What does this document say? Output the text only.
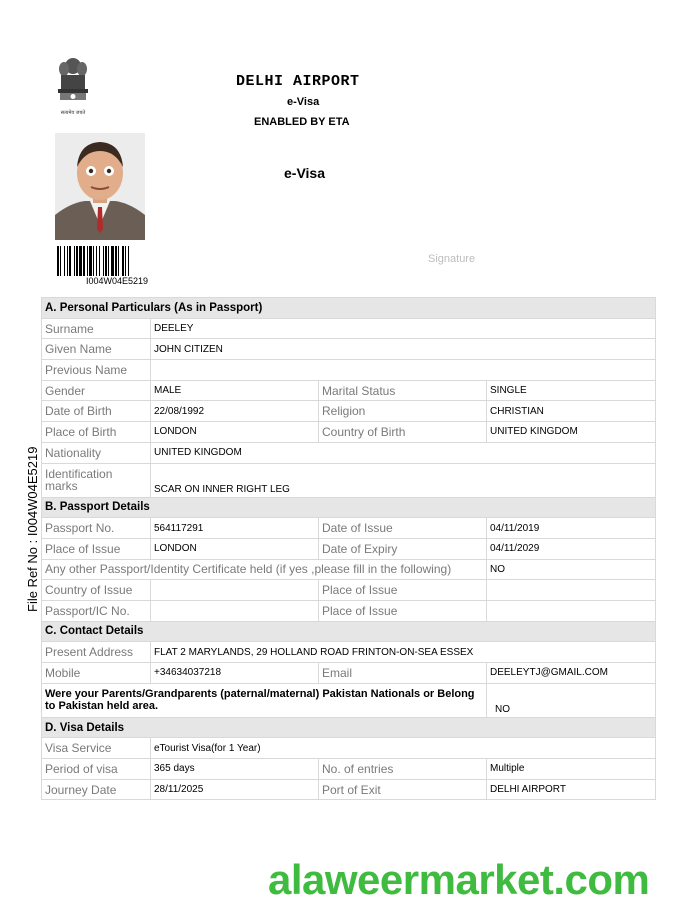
सत्यमेव जयते
DELHI AIRPORT
e-Visa
ENABLED BY ETA
e-Visa
I004W04E5219
Signature
File Ref No : I004W04E5219
A. Personal Particulars (As in Passport)			
Surname	DEELEY		
Given Name	JOHN CITIZEN		
Previous Name			
Gender	MALE	Marital Status	SINGLE
Date of Birth	22/08/1992	Religion	CHRISTIAN
Place of Birth	LONDON	Country of Birth	UNITED KINGDOM
Nationality	UNITED KINGDOM		
Identification marks	SCAR ON INNER RIGHT LEG		
B. Passport Details			
Passport No.	564117291	Date of Issue	04/11/2019
Place of Issue	LONDON	Date of Expiry	04/11/2029
Any other Passport/Identity Certificate held (if yes ,please fill in the following)			NO
Country of Issue		Place of Issue	
Passport/IC No.		Place of Issue	
C. Contact Details			
Present Address	FLAT 2 MARYLANDS, 29 HOLLAND ROAD FRINTON-ON-SEA ESSEX		
Mobile	+34634037218	Email	DEELEYTJ@GMAIL.COM
Were your Parents/Grandparents (paternal/maternal) Pakistan Nationals or Belong to Pakistan held area.			NO
D. Visa Details			
Visa Service	eTourist Visa(for 1 Year)		
Period of visa	365 days	No. of entries	Multiple
Journey Date	28/11/2025	Port of Exit	DELHI AIRPORT
alaweermarket.com
